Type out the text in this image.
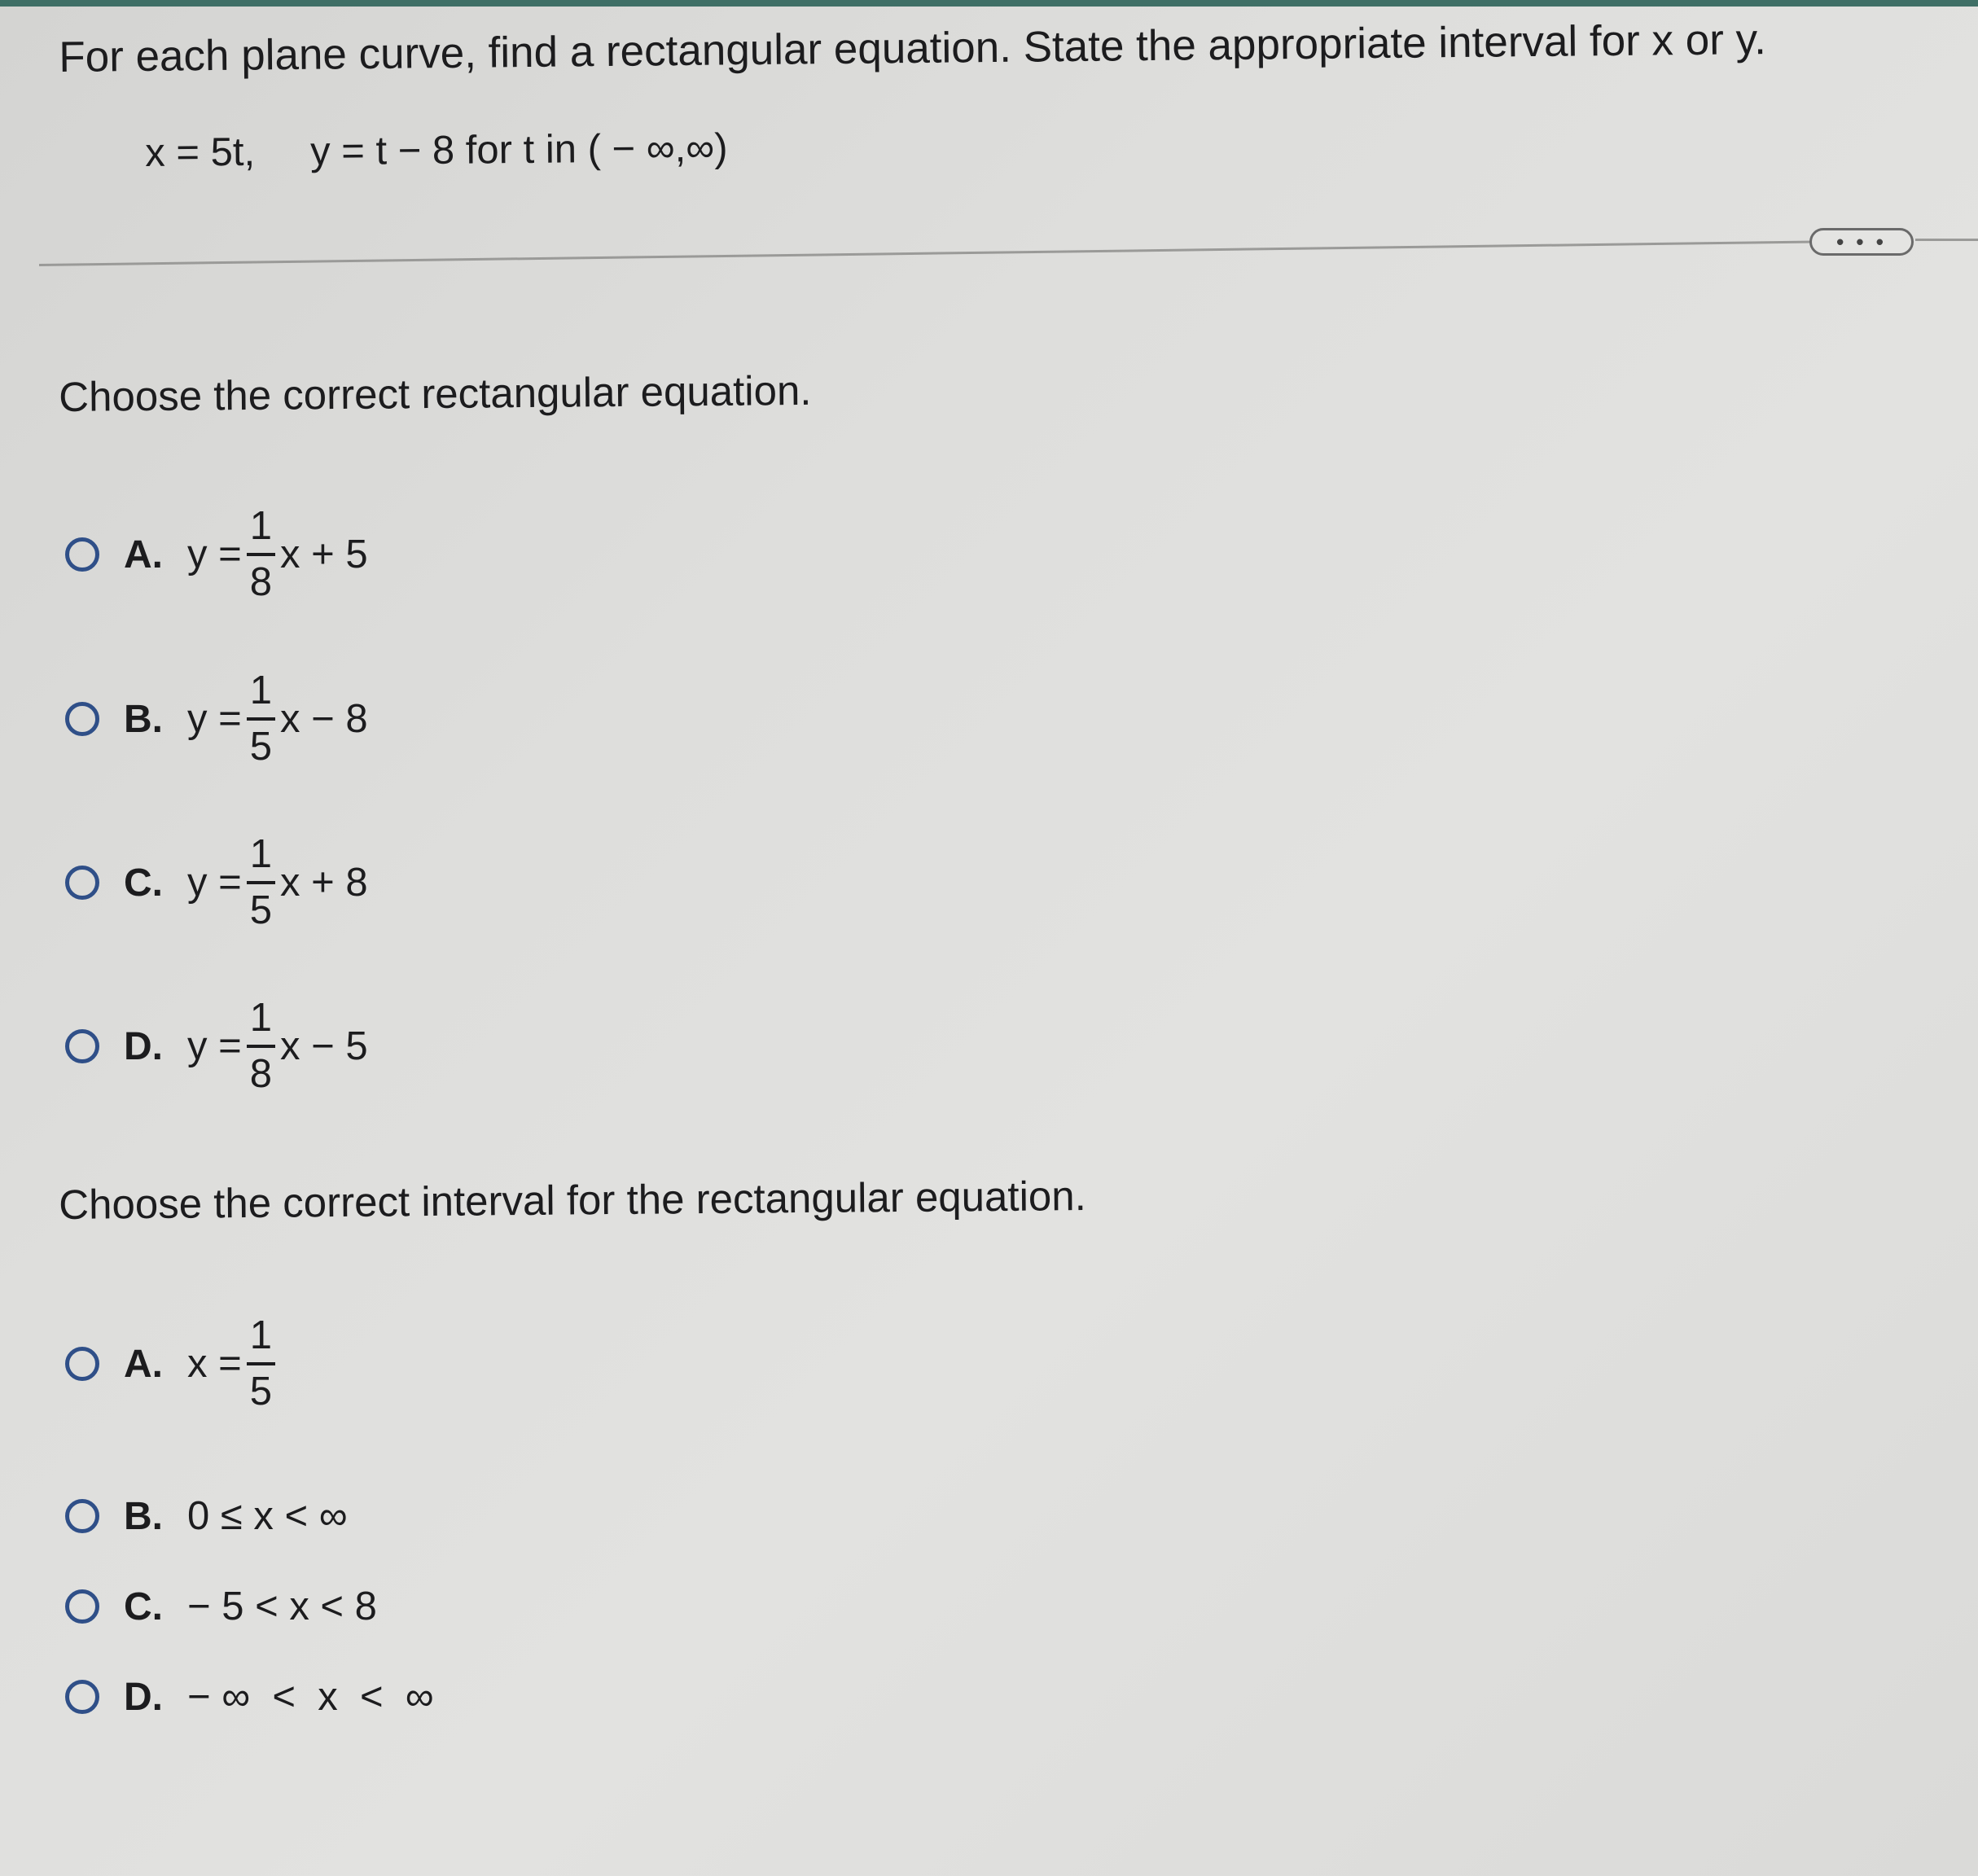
For each plane curve, find a rectangular equation. State the appropriate interval for x or y.
x = 5t,     y = t − 8 for t in ( − ∞,∞)
• • •
Choose the correct rectangular equation.
A. $y = \frac{1}{8}$ x + 5
B. $y = \frac{1}{5}$ x − 8
C. $y = \frac{1}{5}$ x + 8
D. $y = \frac{1}{8}$ x − 5
Choose the correct interval for the rectangular equation.
A. $x = \frac{1}{5}$
B. 0 ≤ x < ∞
C. − 5 < x < 8
D. − ∞  <  x  <  ∞
